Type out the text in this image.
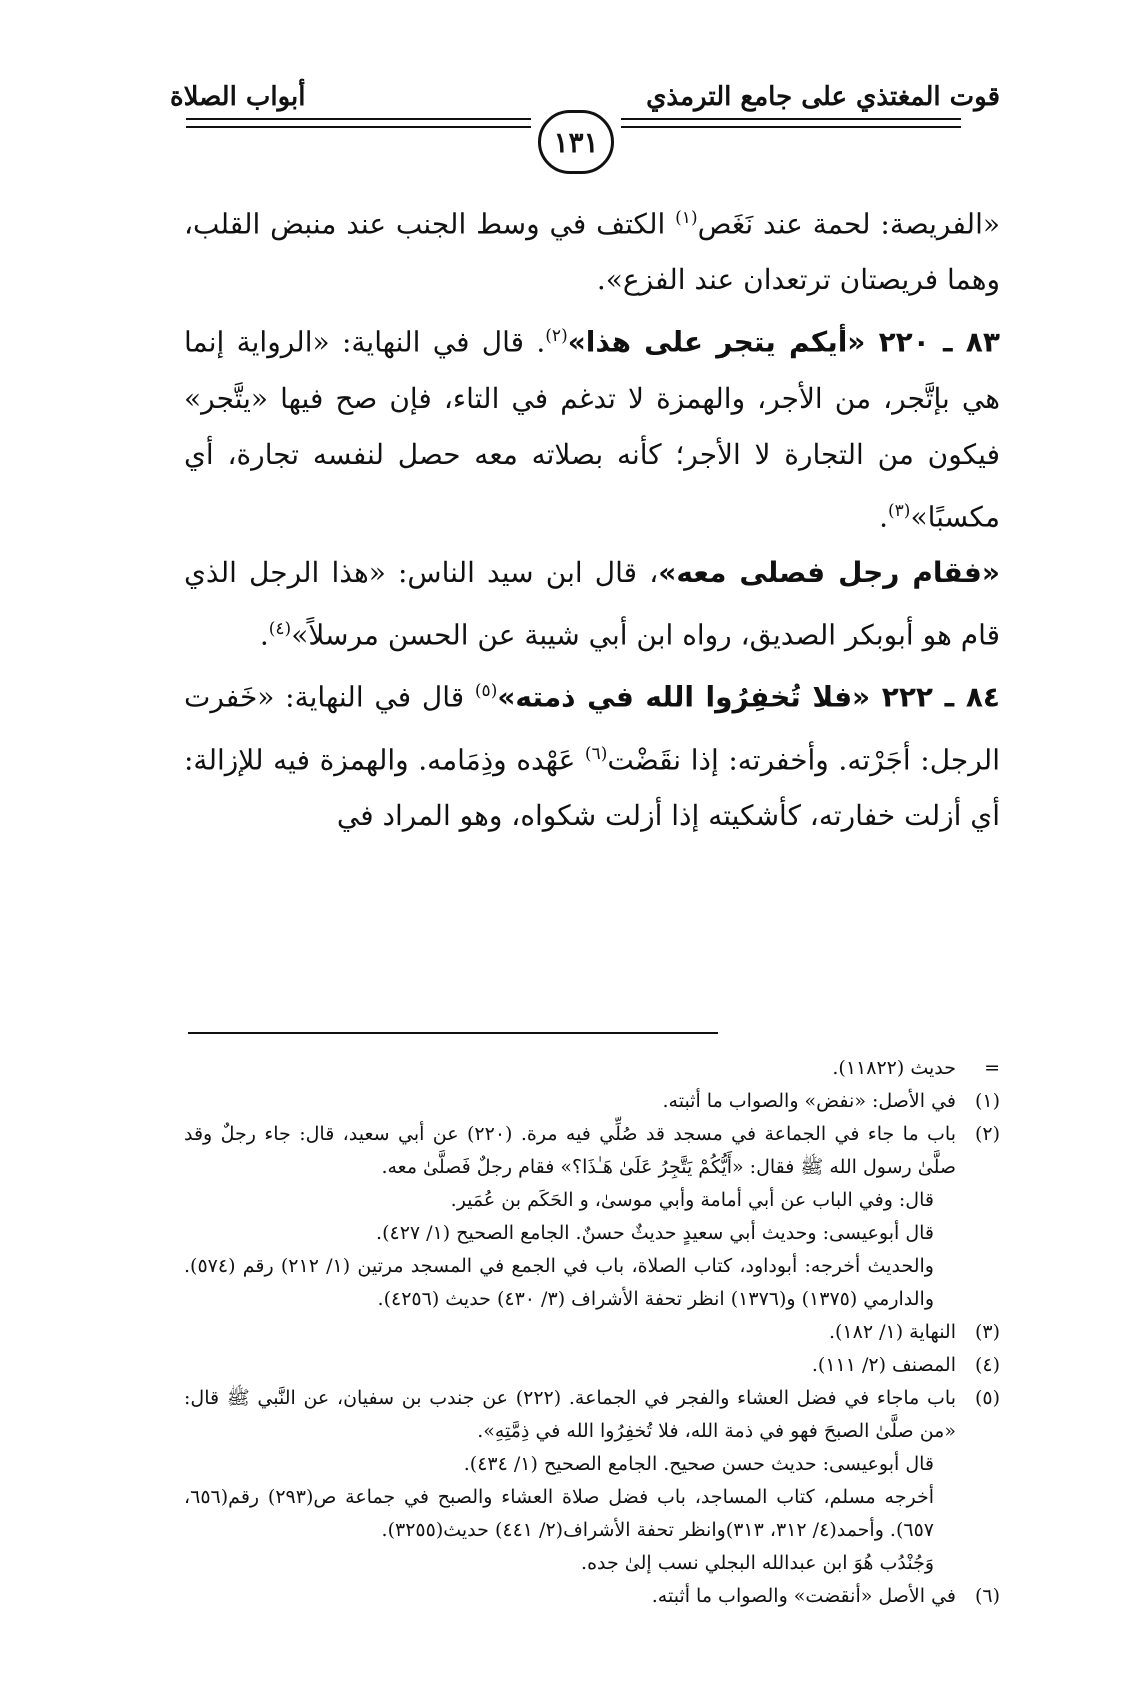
قوت المغتذي على جامع الترمذي
أبواب الصلاة
١٣١

«الفريصة: لحمة عند نَغَص$^{(١)}$ الكتف في وسط الجنب عند منبض القلب، وهما فريصتان ترتعدان عند الفزع».

٨٣ ـ ٢٢٠ «أيكم يتجر على هذا»$^{(٢)}$. قال في النهاية: «الرواية إنما هي بإتَّجر، من الأجر، والهمزة لا تدغم في التاء، فإن صح فيها «يتَّجر» فيكون من التجارة لا الأجر؛ كأنه بصلاته معه حصل لنفسه تجارة، أي مكسبًا»$^{(٣)}$.

«فقام رجل فصلى معه»، قال ابن سيد الناس: «هذا الرجل الذي قام هو أبوبكر الصديق، رواه ابن أبي شيبة عن الحسن مرسلاً»$^{(٤)}$.

٨٤ ـ ٢٢٢ «فلا تُخفِرُوا الله في ذمته»$^{(٥)}$ قال في النهاية: «خَفرت الرجل: أجَرْته. وأخفرته: إذا نقَضْت$^{(٦)}$ عَهْده وذِمَامه. والهمزة فيه للإزالة: أي أزلت خفارته، كأشكيته إذا أزلت شكواه، وهو المراد في

=
حديث (١١٨٢٢).
(١)
في الأصل: «نفض» والصواب ما أثبته.
(٢)
باب ما جاء في الجماعة في مسجد قد صُلِّي فيه مرة. (٢٢٠) عن أبي سعيد، قال: جاء رجلٌ وقد صلَّىٰ رسول الله ﷺ فقال: «أَيُّكُمْ يَتَّجِرُ عَلَىٰ هَـٰذَا؟» فقام رجلٌ فَصلَّىٰ معه.
قال: وفي الباب عن أبي أمامة وأبي موسىٰ، و الحَكَم بن عُمَير.
قال أبوعيسى: وحديث أبي سعيدٍ حديثٌ حسنٌ. الجامع الصحيح (١/ ٤٢٧).
والحديث أخرجه: أبوداود، كتاب الصلاة، باب في الجمع في المسجد مرتين (١/ ٢١٢) رقم (٥٧٤). والدارمي (١٣٧٥) و(١٣٧٦) انظر تحفة الأشراف (٣/ ٤٣٠) حديث (٤٢٥٦).
(٣)
النهاية (١/ ١٨٢).
(٤)
المصنف (٢/ ١١١).
(٥)
باب ماجاء في فضل العشاء والفجر في الجماعة. (٢٢٢) عن جندب بن سفيان، عن النَّبي ﷺ قال: «من صلَّىٰ الصبحَ فهو في ذمة الله، فلا تُخفِرُوا الله في ذِمَّتِهِ».
قال أبوعيسى: حديث حسن صحيح. الجامع الصحيح (١/ ٤٣٤).
أخرجه مسلم، كتاب المساجد، باب فضل صلاة العشاء والصبح في جماعة ص(٢٩٣) رقم(٦٥٦، ٦٥٧). وأحمد(٤/ ٣١٢، ٣١٣)وانظر تحفة الأشراف(٢/ ٤٤١) حديث(٣٢٥٥).
وَجُنْدُب هُوَ ابن عبدالله البجلي نسب إلىٰ جده.
(٦)
في الأصل «أنقضت» والصواب ما أثبته.
